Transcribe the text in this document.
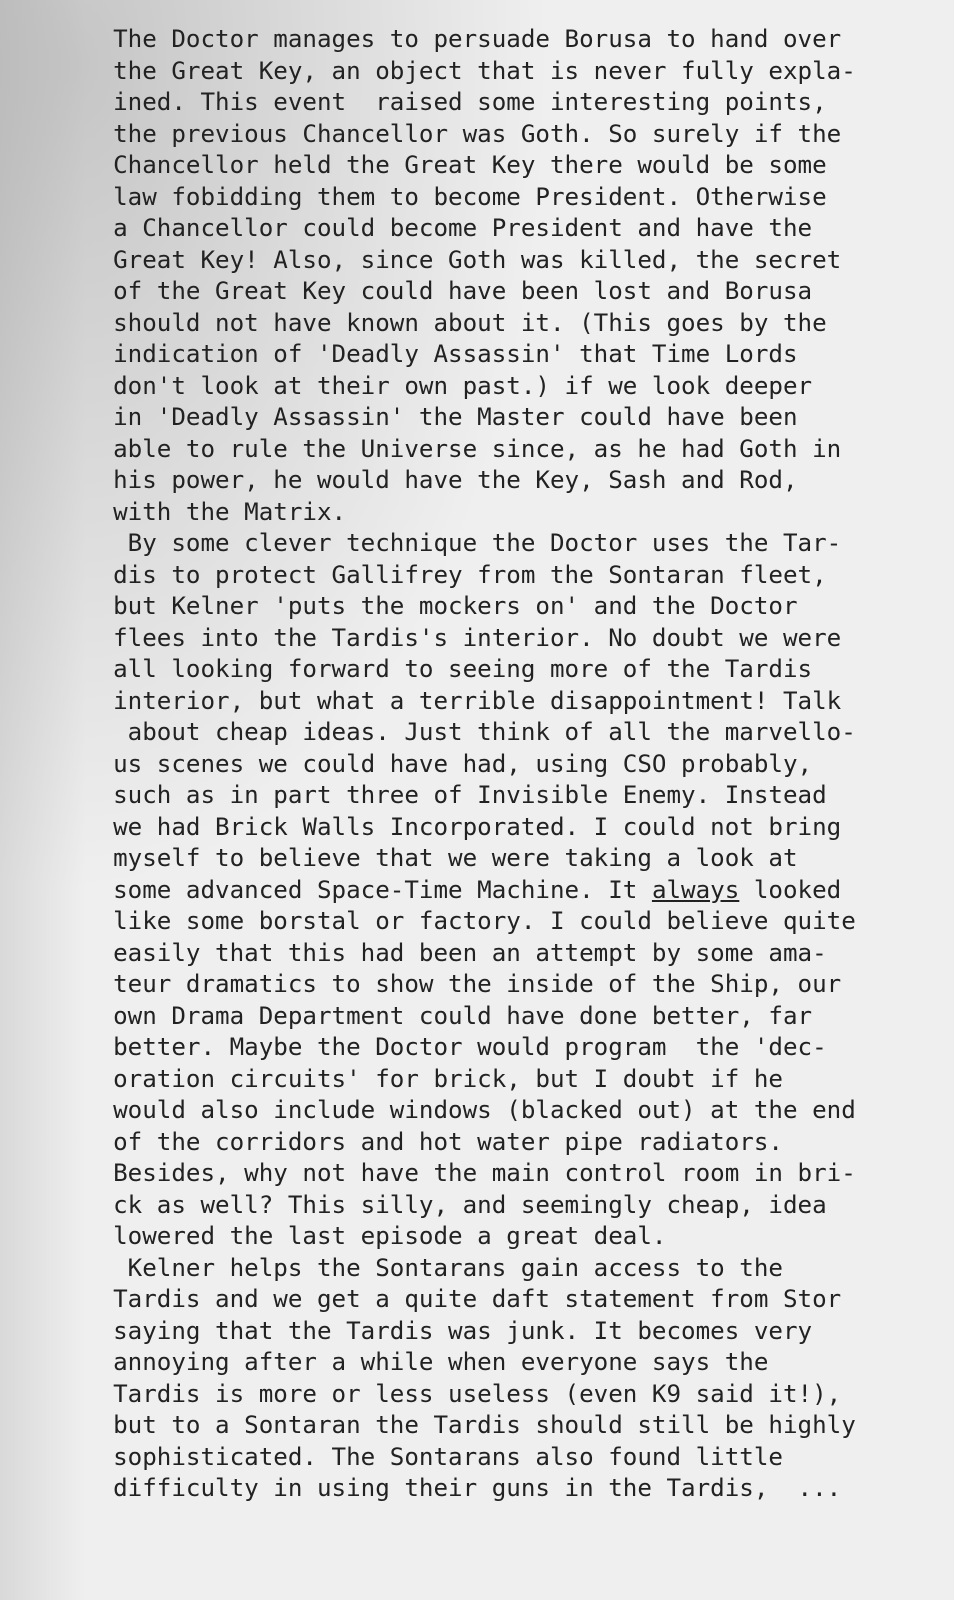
The Doctor manages to persuade Borusa to hand over
the Great Key, an object that is never fully expla-
ined. This event  raised some interesting points,
the previous Chancellor was Goth. So surely if the
Chancellor held the Great Key there would be some
law fobidding them to become President. Otherwise
a Chancellor could become President and have the
Great Key! Also, since Goth was killed, the secret
of the Great Key could have been lost and Borusa
should not have known about it. (This goes by the
indication of 'Deadly Assassin' that Time Lords
don't look at their own past.) if we look deeper
in 'Deadly Assassin' the Master could have been
able to rule the Universe since, as he had Goth in
his power, he would have the Key, Sash and Rod,
with the Matrix.
By some clever technique the Doctor uses the Tar-
dis to protect Gallifrey from the Sontaran fleet,
but Kelner 'puts the mockers on' and the Doctor
flees into the Tardis's interior. No doubt we were
all looking forward to seeing more of the Tardis
interior, but what a terrible disappointment! Talk
about cheap ideas. Just think of all the marvello-
us scenes we could have had, using CSO probably,
such as in part three of Invisible Enemy. Instead
we had Brick Walls Incorporated. I could not bring
myself to believe that we were taking a look at
some advanced Space-Time Machine. It always looked
like some borstal or factory. I could believe quite
easily that this had been an attempt by some ama-
teur dramatics to show the inside of the Ship, our
own Drama Department could have done better, far
better. Maybe the Doctor would program  the 'dec-
oration circuits' for brick, but I doubt if he
would also include windows (blacked out) at the end
of the corridors and hot water pipe radiators.
Besides, why not have the main control room in bri-
ck as well? This silly, and seemingly cheap, idea
lowered the last episode a great deal.
Kelner helps the Sontarans gain access to the
Tardis and we get a quite daft statement from Stor
saying that the Tardis was junk. It becomes very
annoying after a while when everyone says the
Tardis is more or less useless (even K9 said it!),
but to a Sontaran the Tardis should still be highly
sophisticated. The Sontarans also found little
difficulty in using their guns in the Tardis,  ...
